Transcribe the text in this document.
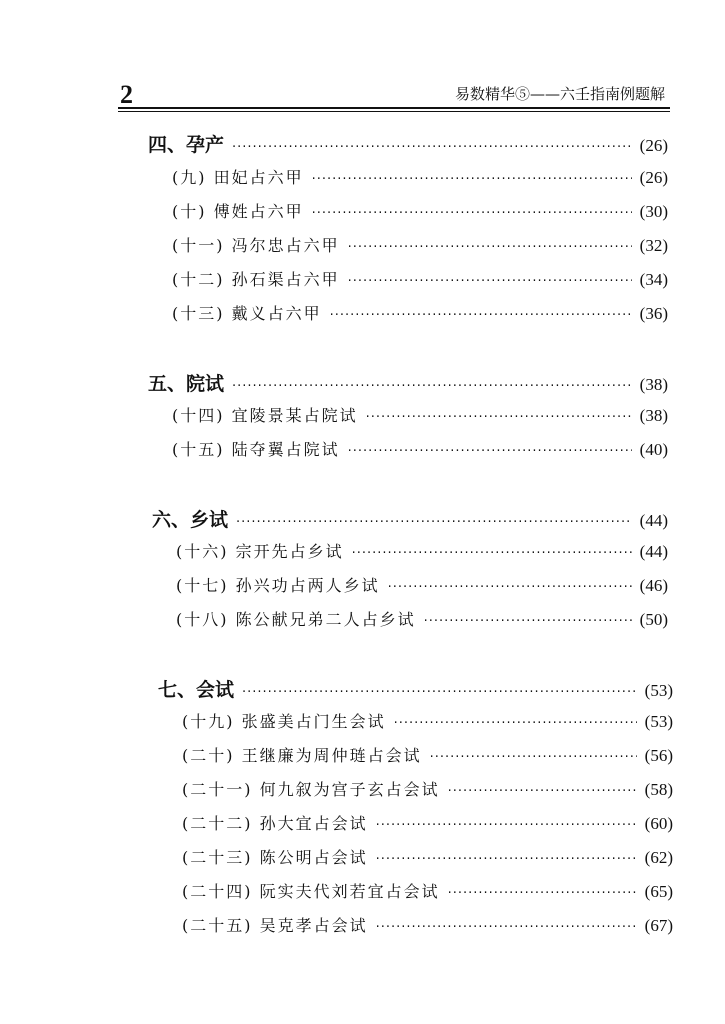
2	易数精华⑤——六壬指南例题解
四、孕产 ·····	(26)
(九) 田妃占六甲 ·····	(26)
(十) 傅姓占六甲 ·····	(30)
(十一) 冯尔忠占六甲 ·····	(32)
(十二) 孙石渠占六甲 ·····	(34)
(十三) 戴义占六甲 ·····	(36)
五、院试 ·····	(38)
(十四) 宜陵景某占院试 ·····	(38)
(十五) 陆夺翼占院试 ·····	(40)
六、乡试 ·····	(44)
(十六) 宗开先占乡试 ·····	(44)
(十七) 孙兴功占两人乡试 ·····	(46)
(十八) 陈公献兄弟二人占乡试 ·····	(50)
七、会试 ·····	(53)
(十九) 张盛美占门生会试 ·····	(53)
(二十) 王继廉为周仲琏占会试 ·····	(56)
(二十一) 何九叙为宫子玄占会试 ·····	(58)
(二十二) 孙大宜占会试 ·····	(60)
(二十三) 陈公明占会试 ·····	(62)
(二十四) 阮实夫代刘若宜占会试 ·····	(65)
(二十五) 吴克孝占会试 ·····	(67)
